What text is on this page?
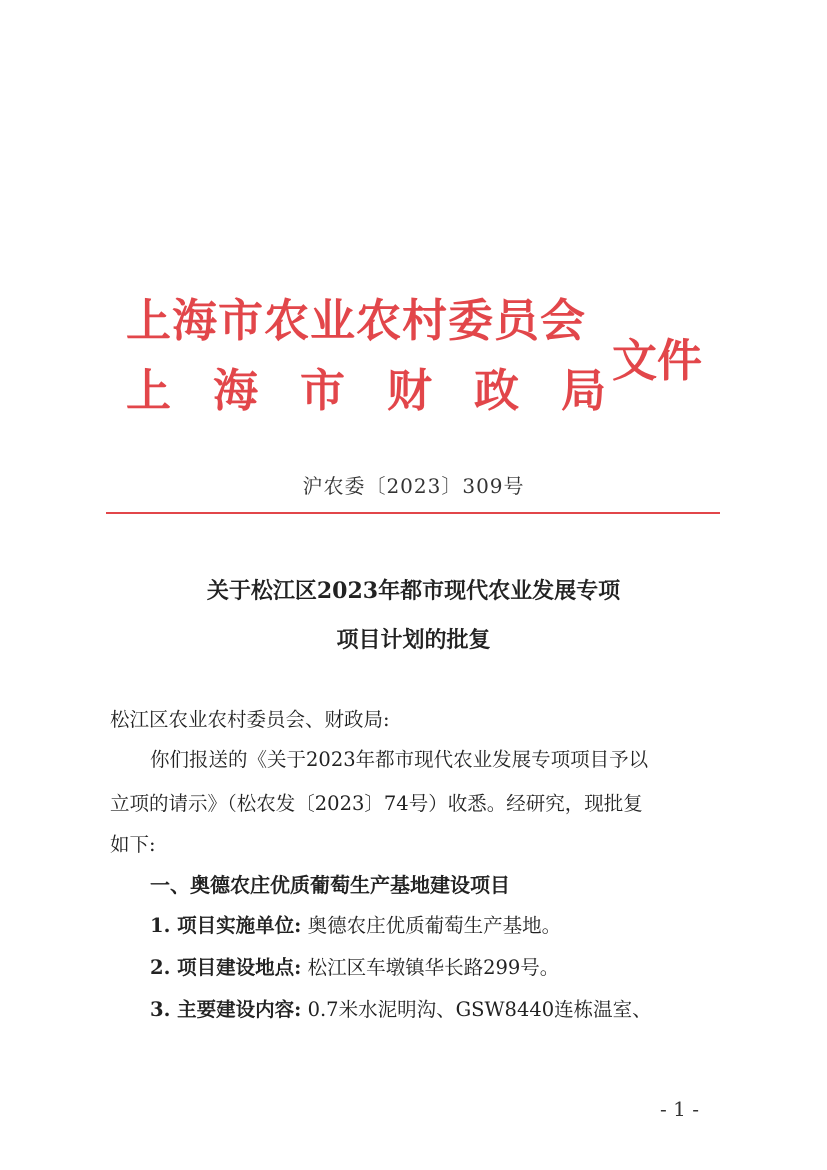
上海市农业农村委员会
上海市财政局
文件
沪农委〔2023〕309号
关于松江区2023年都市现代农业发展专项
项目计划的批复
松江区农业农村委员会、财政局:
你们报送的《关于2023年都市现代农业发展专项项目予以
立项的请示》（松农发〔2023〕74号）收悉。经研究，现批复
如下:
一、奥德农庄优质葡萄生产基地建设项目
1. 项目实施单位: 奥德农庄优质葡萄生产基地。
2. 项目建设地点: 松江区车墩镇华长路299号。
3. 主要建设内容: 0.7米水泥明沟、GSW8440连栋温室、
- 1 -
